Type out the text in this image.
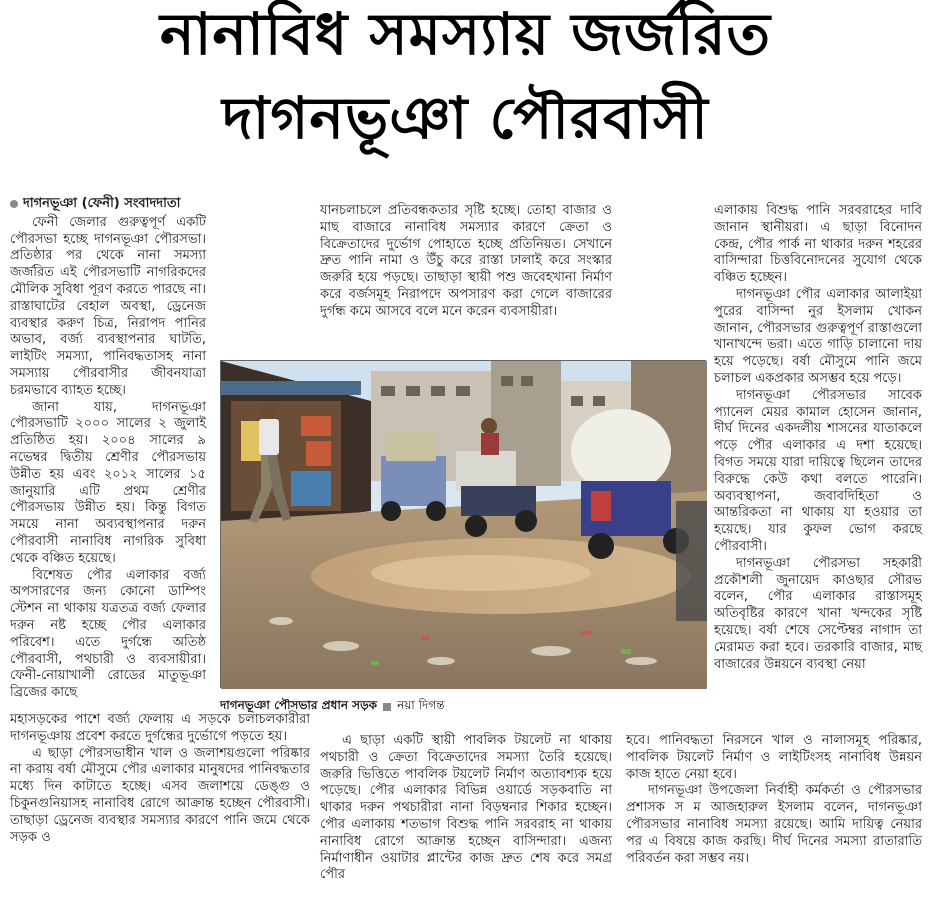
নানাবিধ সমস্যায় জর্জরিত
দাগনভূঞা পৌরবাসী
দাগনভূঞা (ফেনী) সংবাদদাতা

ফেনী জেলার গুরুত্বপূর্ণ একটি পৌরসভা হচ্ছে দাগনভূঞা পৌরসভা। প্রতিষ্ঠার পর থেকে নানা সমস্যা জর্জরিত এই পৌরসভাটি নাগরিকদের মৌলিক সুবিধা পূরণ করতে পারছে না। রাস্তাঘাটের বেহাল অবস্থা, ড্রেনেজ ব্যবস্থার করুণ চিত্র, নিরাপদ পানির অভাব, বর্জ্য ব্যবস্থাপনার ঘাটতি, লাইটিং সমস্যা, পানিবদ্ধতাসহ নানা সমস্যায় পৌরবাসীর জীবনযাত্রা চরমভাবে ব্যাহত হচ্ছে।

জানা যায়, দাগনভূঞা পৌরসভাটি ২০০০ সালের ২ জুলাই প্রতিষ্ঠিত হয়। ২০০৪ সালের ৯ নভেম্বর দ্বিতীয় শ্রেণীর পৌরসভায় উন্নীত হয় এবং ২০১২ সালের ১৫ জানুয়ারি এটি প্রথম শ্রেণীর পৌরসভায় উন্নীত হয়। কিন্তু বিগত সময়ে নানা অব্যবস্থাপনার দরুন পৌরবাসী নানাবিধ নাগরিক সুবিধা থেকে বঞ্চিত হয়েছে।

বিশেষত পৌর এলাকার বর্জ্য অপসারণের জন্য কোনো ডাম্পিং স্টেশন না থাকায় যত্রতত্র বর্জ্য ফেলার দরুন নষ্ট হচ্ছে পৌর এলাকার পরিবেশ। এতে দুর্গন্ধে অতিষ্ঠ পৌরবাসী, পথচারী ও ব্যবসায়ীরা। ফেনী-নোয়াখালী রোডের মাতুভূঞা ব্রিজের কাছে

মহাসড়কের পাশে বর্জ্য ফেলায় এ সড়কে চলাচলকারীরা দাগনভূঞায় প্রবেশ করতে দুর্গন্ধের দুর্ভোগে পড়তে হয়।

এ ছাড়া পৌরসভাধীন খাল ও জলাশয়গুলো পরিষ্কার না করায় বর্ষা মৌসুমে পৌর এলাকার মানুষদের পানিবদ্ধতার মধ্যে দিন কাটাতে হচ্ছে। এসব জলাশয়ে ডেঙ্গু ও চিকুনগুনিয়াসহ নানাবিধ রোগে আক্রান্ত হচ্ছেন পৌরবাসী। তাছাড়া ড্রেনেজ ব্যবস্থার সমস্যার কারণে পানি জমে থেকে সড়ক ও

যানচলাচলে প্রতিবন্ধকতার সৃষ্টি হচ্ছে। তোহা বাজার ও মাছ বাজারে নানাবিধ সমস্যার কারণে ক্রেতা ও বিক্রেতাদের দুর্ভোগ পোহাতে হচ্ছে প্রতিনিয়ত। সেখানে দ্রুত পানি নামা ও উঁচু করে রাস্তা ঢালাই করে সংস্কার জরুরি হয়ে পড়ছে। তাছাড়া স্থায়ী পশু জবেহখানা নির্মাণ করে বর্জসমূহ নিরাপদে অপসারণ করা গেলে বাজারের দুর্গন্ধ কমে আসবে বলে মনে করেন ব্যবসায়ীরা।

এ ছাড়া একটি স্থায়ী পাবলিক টয়লেট না থাকায় পথচারী ও ক্রেতা বিক্রেতাদের সমস্যা তৈরি হয়েছে। জরুরি ভিত্তিতে পাবলিক টয়লেট নির্মাণ অত্যাবশ্যক হয়ে পড়েছে। পৌর এলাকার বিভিন্ন ওয়ার্ডে সড়কবাতি না থাকার দরুন পথচারীরা নানা বিড়ম্বনার শিকার হচ্ছেন। পৌর এলাকায় শতভাগ বিশুদ্ধ পানি সরবরাহ না থাকায় নানাবিধ রোগে আক্রান্ত হচ্ছেন বাসিন্দারা। এজন্য নির্মাণাধীন ওয়াটার প্লান্টের কাজ দ্রুত শেষ করে সমগ্র পৌর

এলাকায় বিশুদ্ধ পানি সরবরাহের দাবি জানান স্থানীয়রা। এ ছাড়া বিনোদন কেন্দ্র, পৌর পার্ক না থাকার দরুন শহরের বাসিন্দারা চিত্তবিনোদনের সুযোগ থেকে বঞ্চিত হচ্ছেন।

দাগনভূঞা পৌর এলাকার আলাইয়া পুরের বাসিন্দা নুর ইসলাম খোকন জানান, পৌরসভার গুরুত্বপূর্ণ রাস্তাগুলো খানাখন্দে ভরা। এতে গাড়ি চালানো দায় হয়ে পড়েছে। বর্ষা মৌসুমে পানি জমে চলাচল একপ্রকার অসম্ভব হয়ে পড়ে।

দাগনভূঞা পৌরসভার সাবেক প্যানেল মেয়র কামাল হোসেন জানান, দীর্ঘ দিনের একদলীয় শাসনের যাতাকলে পড়ে পৌর এলাকার এ দশা হয়েছে। বিগত সময়ে যারা দায়িত্বে ছিলেন তাদের বিরুদ্ধে কেউ কথা বলতে পারেনি। অব্যবস্থাপনা, জবাবদিহিতা ও আন্তরিকতা না থাকায় যা হওয়ার তা হয়েছে। যার কুফল ভোগ করছে পৌরবাসী।

দাগনভূঞা পৌরসভা সহকারী প্রকৌশলী জুনায়েদ কাওছার সৌরভ বলেন, পৌর এলাকার রাস্তাসমূহ অতিবৃষ্টির কারণে খানা খন্দকের সৃষ্টি হয়েছে। বর্ষা শেষে সেপ্টেম্বর নাগাদ তা মেরামত করা হবে। তরকারি বাজার, মাছ বাজারের উন্নয়নে ব্যবস্থা নেয়া

হবে। পানিবদ্ধতা নিরসনে খাল ও নালাসমূহ পরিষ্কার, পাবলিক টয়লেট নির্মাণ ও লাইটিংসহ নানাবিধ উন্নয়ন কাজ হাতে নেয়া হবে।

দাগনভূঞা উপজেলা নির্বাহী কর্মকর্তা ও পৌরসভার প্রশাসক স ম আজহারুল ইসলাম বলেন, দাগনভূঞা পৌরসভার নানাবিধ সমস্যা রয়েছে। আমি দায়িত্ব নেয়ার পর এ বিষয়ে কাজ করছি। দীর্ঘ দিনের সমস্যা রাতারাতি পরিবর্তন করা সম্ভব নয়।

দাগনভূঞা পৌসভার প্রধান সড়ক নয়া দিগন্ত
